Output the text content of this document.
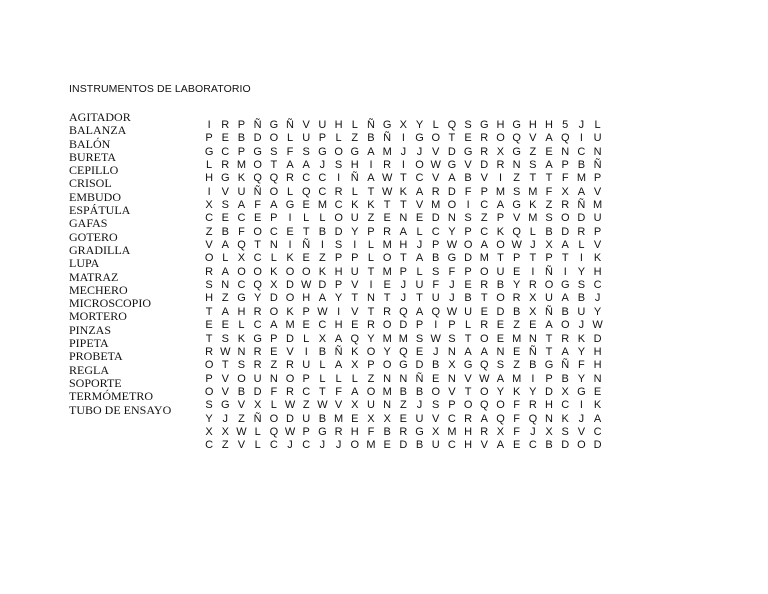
INSTRUMENTOS DE LABORATORIO
AGITADOR
BALANZA
BALÓN
BURETA
CEPILLO
CRISOL
EMBUDO
ESPÁTULA
GAFAS
GOTERO
GRADILLA
LUPA
MATRAZ
MECHERO
MICROSCOPIO
MORTERO
PINZAS
PIPETA
PROBETA
REGLA
SOPORTE
TERMÓMETRO
TUBO DE ENSAYO
I R P Ñ G Ñ V U H L Ñ G X Y L Q S G H G H H 5 J L
P E B D O L U P L Z B Ñ I G O T E R O Q V A Q I U
G C P G S F S G O G A M J J V D G R X G Z E N C N
L R M O T A A J S H I R I O W G V D R N S A P B Ñ
H G K Q Q R C C I Ñ A W T C V A B V I	Z T T F M P
I V U Ñ O L Q C R L T W K A R D F P M S M F X A V
X S A F A G E M C K K T T V M O I C A G K Z R Ñ M
C E C E P I	L L O U Z E N E D N S Z P V M S O D U
Z B F O C E T B D Y P R A L C Y P C K Q L B D R P
V A Q T N I Ñ I S I	L M H J P W O A O W J X A L V
O L X C L K E Z P P L O T A B G D M T P T P T	I K
R A O O K O O K H U T M P L S F P O U E I Ñ I Y H
S N C Q X D W D P V I E J U F J E R B Y R O G S C
H Z G Y D O H A Y T N T J T U J B T O R X U A B J
T A H R O K P W I V T R Q A Q W U E D B X Ñ B U Y
E E L C A M E C H E R O D P I P L R E Z E A O J W
T S K G P D L X A Q Y M M S W S T O E M N T R K D
R W N R E V I B Ñ K O Y Q E J N A A N E Ñ T A Y H
O T S R Z R U L A X P O G D B X G Q S Z B G Ñ F H
P V O U N O P L L L Z N N Ñ E N V W A M I P B Y N
O V B D F R C T F A O M B B O V T O Y K Y D X G E
S G V X L W Z W V X U N Z J S P O Q O F R H C I K
Y J Z Ñ O D U B M E X X E U V C R A Q F Q N K J A
X X W L Q W P G R H F B R G X M H R X F J X S V C
C Z V L C J C J J O M E D B U C H V A E C B D O D
